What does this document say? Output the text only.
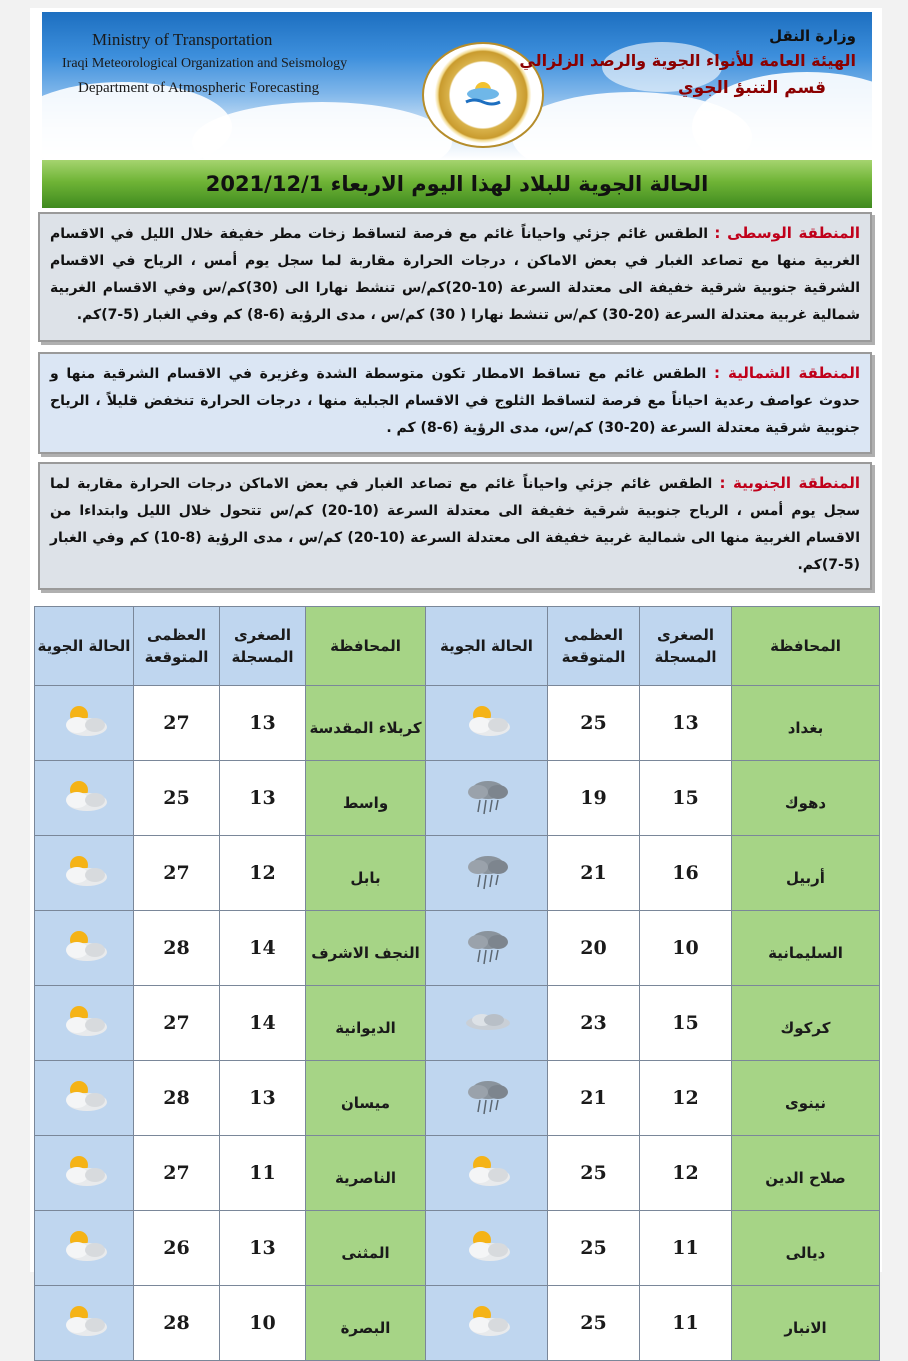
Ministry of Transportation
Iraqi Meteorological Organization and Seismology
Department of Atmospheric Forecasting
وزارة النقل
الهيئة العامة للأنواء الجوية والرصد الزلزالي
قسم التنبؤ الجوي
الحالة الجوية للبلاد لهذا اليوم الاربعاء 2021/12/1
المنطقة الوسطى : الطقس غائم جزئي واحياناً غائم مع فرصة لتساقط زخات مطر خفيفة خلال الليل في الاقسام الغربية منها مع تصاعد الغبار في بعض الاماكن ، درجات الحرارة مقاربة لما سجل يوم أمس ، الرياح في الاقسام الشرقية جنوبية شرقية خفيفة الى معتدلة السرعة (10-20)كم/س تنشط نهارا الى (30)كم/س وفي الاقسام الغربية شمالية غربية معتدلة السرعة (20-30) كم/س تنشط نهارا ( 30) كم/س ، مدى الرؤية (6-8) كم وفي الغبار (5-7)كم.
المنطقة الشمالية : الطقس غائم مع تساقط الامطار تكون متوسطة الشدة وغزيرة في الاقسام الشرقية منها و حدوث عواصف رعدية احياناً مع فرصة لتساقط الثلوج في الاقسام الجبلية منها ، درجات الحرارة تنخفض قليلاً ، الرياح جنوبية شرقية معتدلة السرعة (20-30) كم/س، مدى الرؤية (6-8) كم .
المنطقة الجنوبية : الطقس غائم جزئي واحياناً غائم مع تصاعد الغبار في بعض الاماكن درجات الحرارة مقاربة لما سجل يوم أمس ، الرياح جنوبية شرقية خفيفة الى معتدلة السرعة (10-20) كم/س تتحول خلال الليل وابتداءا من الاقسام الغربية منها الى شمالية غربية خفيفة الى معتدلة السرعة (10-20) كم/س ، مدى الرؤية (8-10) كم وفي الغبار (5-7)كم.
المحافظة	الصغرى المسجلة	العظمى المتوقعة	الحالة الجوية	المحافظة	الصغرى المسجلة	العظمى المتوقعة	الحالة الجوية
بغداد	13	25		كربلاء المقدسة	13	27	
دهوك	15	19		واسط	13	25	
أربيل	16	21		بابل	12	27	
السليمانية	10	20		النجف الاشرف	14	28	
كركوك	15	23		الديوانية	14	27	
نينوى	12	21		ميسان	13	28	
صلاح الدين	12	25		الناصرية	11	27	
ديالى	11	25		المثنى	13	26	
الانبار	11	25		البصرة	10	28	
